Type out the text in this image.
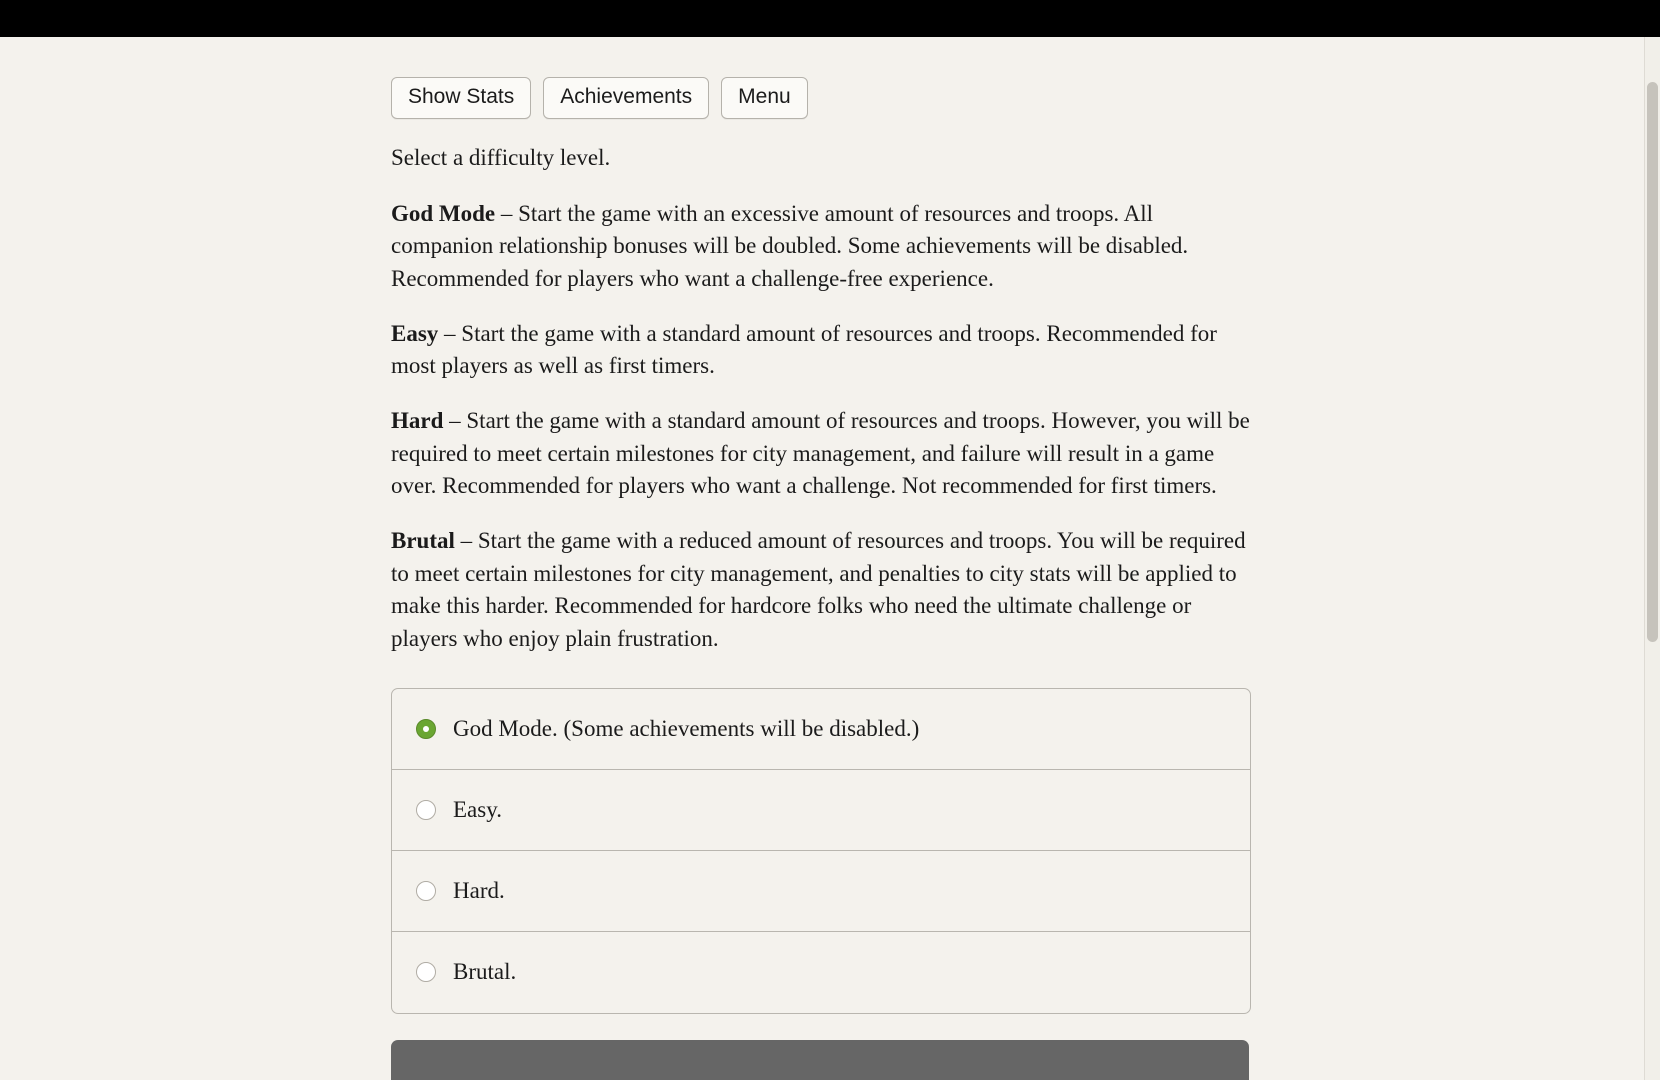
Show Stats	Achievements	Menu

Select a difficulty level.

God Mode – Start the game with an excessive amount of resources and troops. All companion relationship bonuses will be doubled. Some achievements will be disabled. Recommended for players who want a challenge-free experience.

Easy – Start the game with a standard amount of resources and troops. Recommended for most players as well as first timers.

Hard – Start the game with a standard amount of resources and troops. However, you will be required to meet certain milestones for city management, and failure will result in a game over. Recommended for players who want a challenge. Not recommended for first timers.

Brutal – Start the game with a reduced amount of resources and troops. You will be required to meet certain milestones for city management, and penalties to city stats will be applied to make this harder. Recommended for hardcore folks who need the ultimate challenge or players who enjoy plain frustration.

God Mode. (Some achievements will be disabled.)
Easy.
Hard.
Brutal.
